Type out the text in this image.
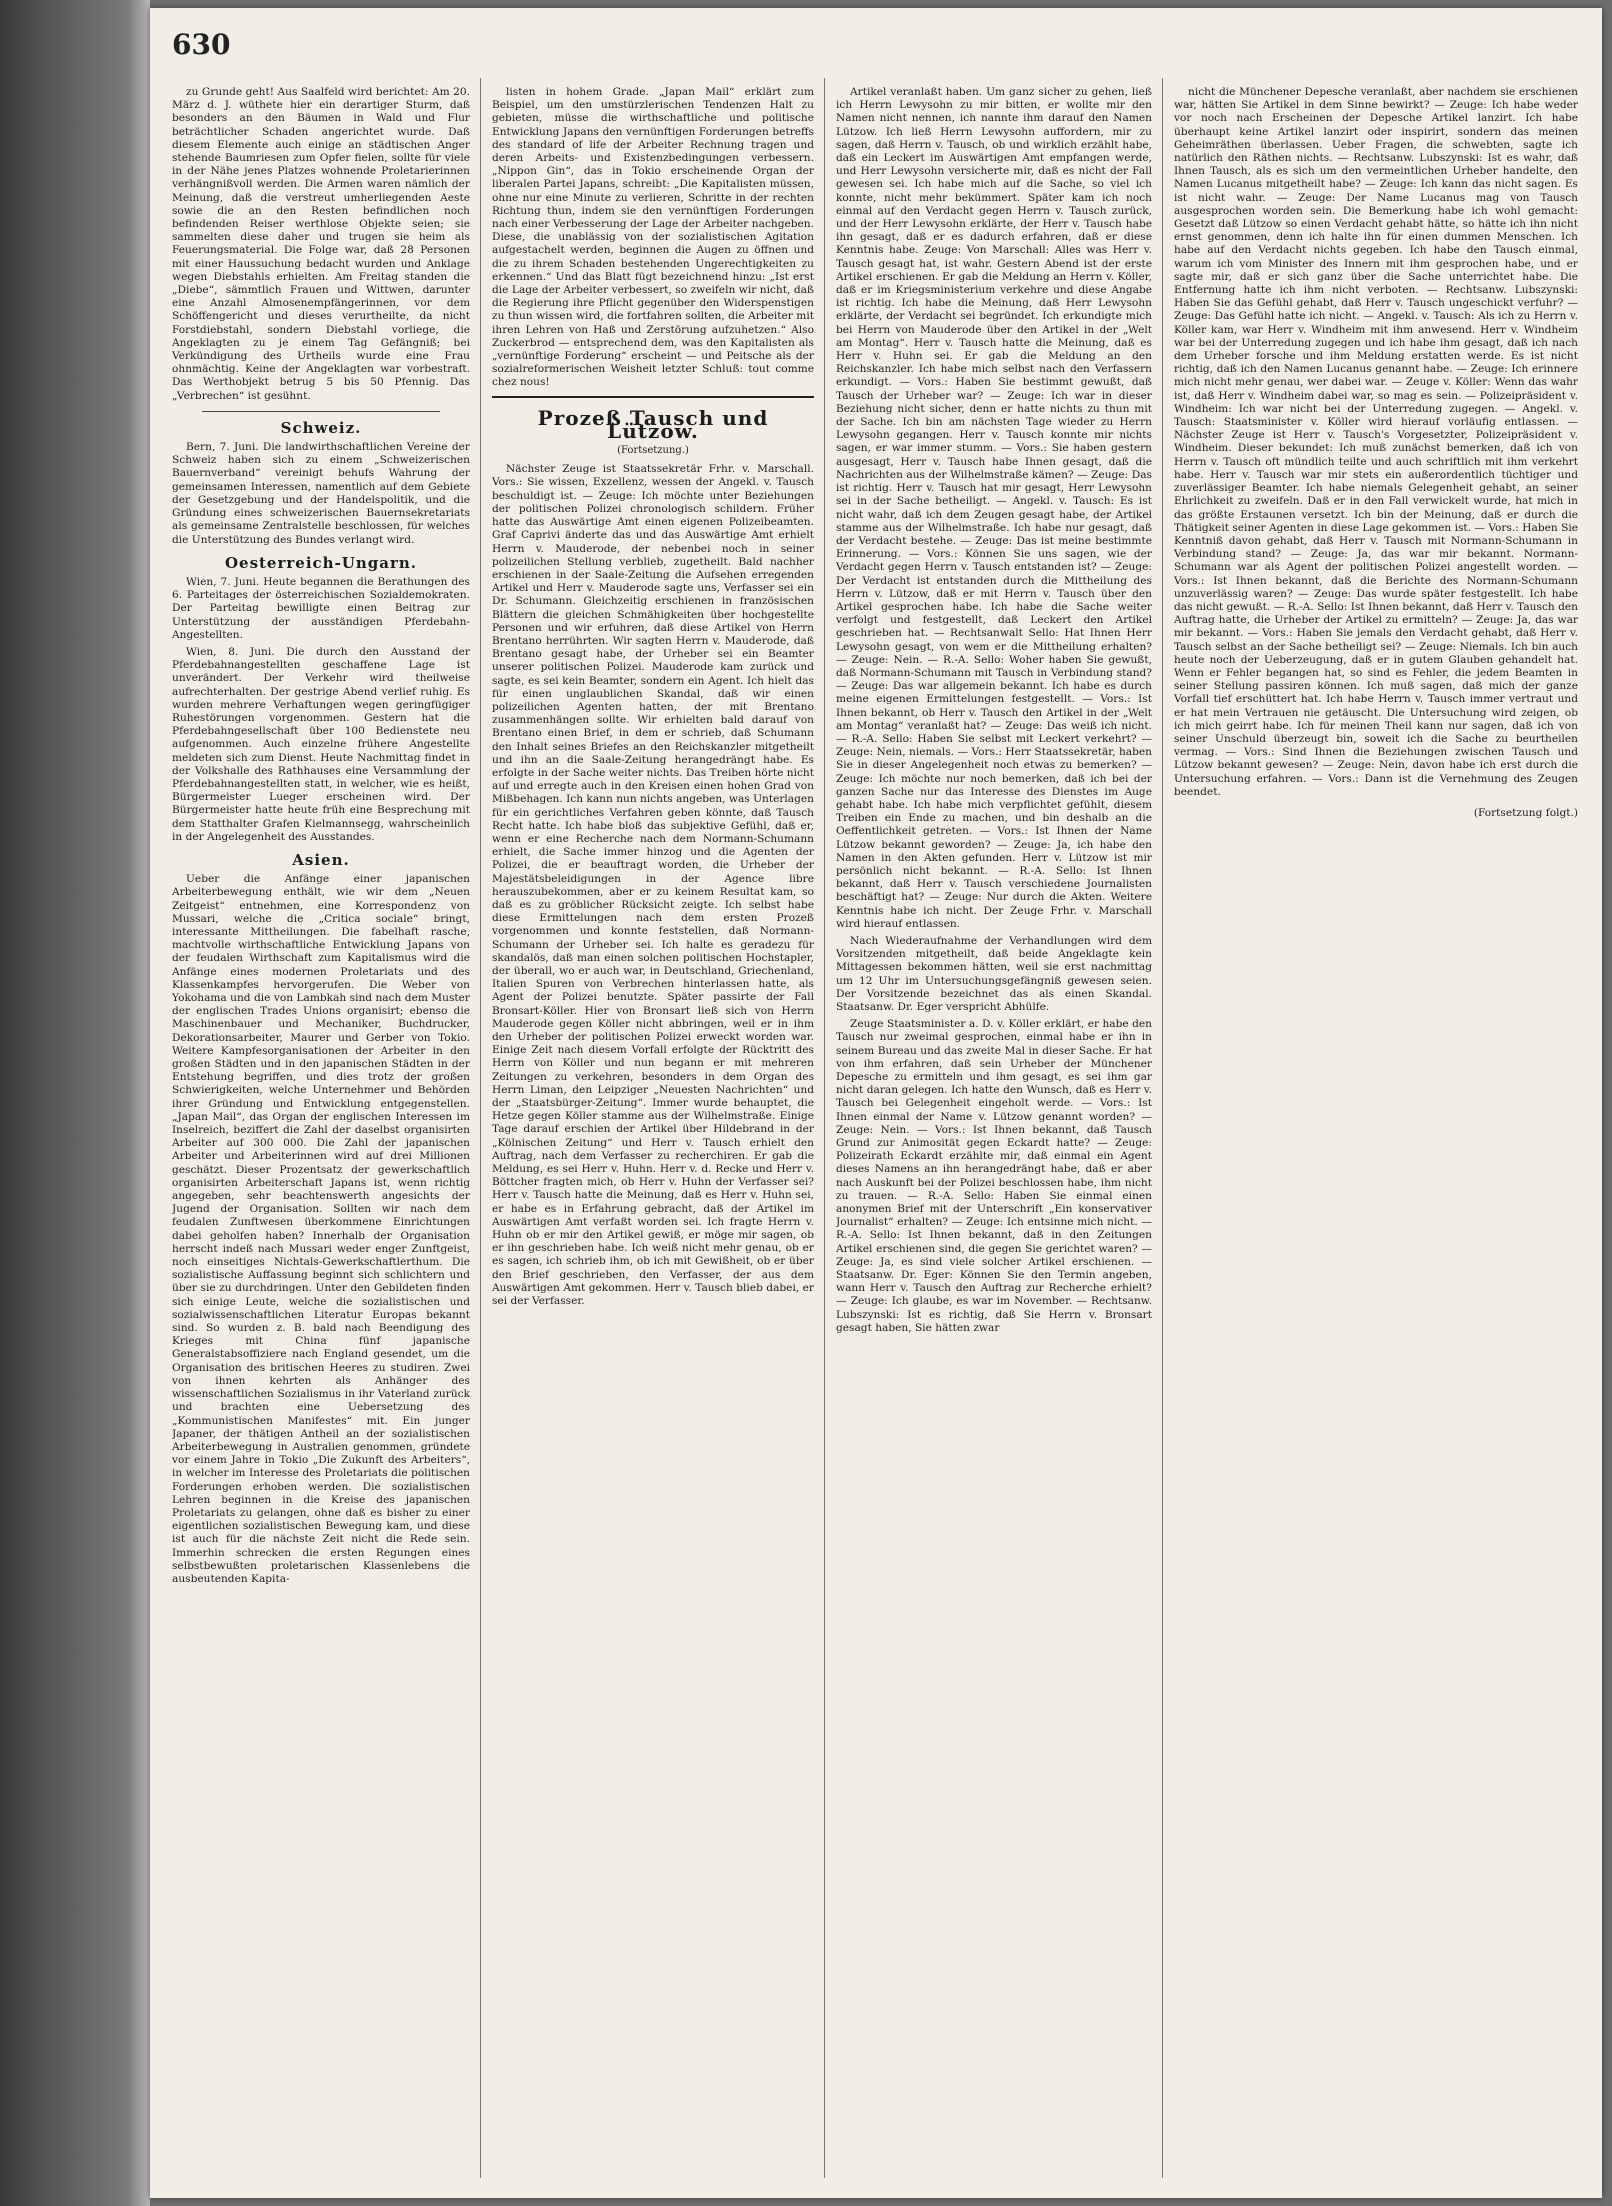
630

zu Grunde geht! Aus Saalfeld wird berichtet: Am 20. März d. J. wüthete hier ein derartiger Sturm, daß besonders an den Bäumen in Wald und Flur beträchtlicher Schaden angerichtet wurde. Daß diesem Elemente auch einige an städtischen Anger stehende Baumriesen zum Opfer fielen, sollte für viele in der Nähe jenes Platzes wohnende Proletarierinnen verhängnißvoll werden. Die Armen waren nämlich der Meinung, daß die verstreut umherliegenden Aeste sowie die an den Resten befindlichen noch befindenden Reiser werthlose Objekte seien; sie sammelten diese daher und trugen sie heim als Feuerungsmaterial. Die Folge war, daß 28 Personen mit einer Haussuchung bedacht wurden und Anklage wegen Diebstahls erhielten. Am Freitag standen die „Diebe“, sämmtlich Frauen und Wittwen, darunter eine Anzahl Almosenempfängerinnen, vor dem Schöffengericht und dieses verurtheilte, da nicht Forstdiebstahl, sondern Diebstahl vorliege, die Angeklagten zu je einem Tag Gefängniß; bei Verkündigung des Urtheils wurde eine Frau ohnmächtig. Keine der Angeklagten war vorbestraft. Das Werthobjekt betrug 5 bis 50 Pfennig. Das „Verbrechen“ ist gesühnt.

Schweiz.

Bern, 7. Juni. Die landwirthschaftlichen Vereine der Schweiz haben sich zu einem „Schweizerischen Bauernverband“ vereinigt behufs Wahrung der gemeinsamen Interessen, namentlich auf dem Gebiete der Gesetzgebung und der Handelspolitik, und die Gründung eines schweizerischen Bauernsekretariats als gemeinsame Zentralstelle beschlossen, für welches die Unterstützung des Bundes verlangt wird.

Oesterreich-Ungarn.

Wien, 7. Juni. Heute begannen die Berathungen des 6. Parteitages der österreichischen Sozialdemokraten. Der Parteitag bewilligte einen Beitrag zur Unterstützung der ausständigen Pferdebahn-Angestellten.

Wien, 8. Juni. Die durch den Ausstand der Pferdebahnangestellten geschaffene Lage ist unverändert. Der Verkehr wird theilweise aufrechterhalten. Der gestrige Abend verlief ruhig. Es wurden mehrere Verhaftungen wegen geringfügiger Ruhestörungen vorgenommen. Gestern hat die Pferdebahngesellschaft über 100 Bedienstete neu aufgenommen. Auch einzelne frühere Angestellte meldeten sich zum Dienst. Heute Nachmittag findet in der Volkshalle des Rathhauses eine Versammlung der Pferdebahnangestellten statt, in welcher, wie es heißt, Bürgermeister Lueger erscheinen wird. Der Bürgermeister hatte heute früh eine Besprechung mit dem Statthalter Grafen Kielmannsegg, wahrscheinlich in der Angelegenheit des Ausstandes.

Asien.

Ueber die Anfänge einer japanischen Arbeiterbewegung enthält, wie wir dem „Neuen Zeitgeist“ entnehmen, eine Korrespondenz von Mussari, welche die „Critica sociale“ bringt, interessante Mittheilungen. Die fabelhaft rasche, machtvolle wirthschaftliche Entwicklung Japans von der feudalen Wirthschaft zum Kapitalismus wird die Anfänge eines modernen Proletariats und des Klassenkampfes hervorgerufen. Die Weber von Yokohama und die von Lambkah sind nach dem Muster der englischen Trades Unions organisirt; ebenso die Maschinenbauer und Mechaniker, Buchdrucker, Dekorationsarbeiter, Maurer und Gerber von Tokio. Weitere Kampfesorganisationen der Arbeiter in den großen Städten und in den japanischen Städten in der Entstehung begriffen, und dies trotz der großen Schwierigkeiten, welche Unternehmer und Behörden ihrer Gründung und Entwicklung entgegenstellen. „Japan Mail“, das Organ der englischen Interessen im Inselreich, beziffert die Zahl der daselbst organisirten Arbeiter auf 300 000. Die Zahl der japanischen Arbeiter und Arbeiterinnen wird auf drei Millionen geschätzt. Dieser Prozentsatz der gewerkschaftlich organisirten Arbeiterschaft Japans ist, wenn richtig angegeben, sehr beachtenswerth angesichts der Jugend der Organisation. Sollten wir nach dem feudalen Zunftwesen überkommene Einrichtungen dabei geholfen haben? Innerhalb der Organisation herrscht indeß nach Mussari weder enger Zunftgeist, noch einseitiges Nichtals-Gewerkschaftlerthum. Die sozialistische Auffassung beginnt sich schlichtern und über sie zu durchdringen. Unter den Gebildeten finden sich einige Leute, welche die sozialistischen und sozialwissenschaftlichen Literatur Europas bekannt sind. So wurden z. B. bald nach Beendigung des Krieges mit China fünf japanische Generalstabsoffiziere nach England gesendet, um die Organisation des britischen Heeres zu studiren. Zwei von ihnen kehrten als Anhänger des wissenschaftlichen Sozialismus in ihr Vaterland zurück und brachten eine Uebersetzung des „Kommunistischen Manifestes“ mit. Ein junger Japaner, der thätigen Antheil an der sozialistischen Arbeiterbewegung in Australien genommen, gründete vor einem Jahre in Tokio „Die Zukunft des Arbeiters“, in welcher im Interesse des Proletariats die politischen Forderungen erhoben werden. Die sozialistischen Lehren beginnen in die Kreise des japanischen Proletariats zu gelangen, ohne daß es bisher zu einer eigentlichen sozialistischen Bewegung kam, und diese ist auch für die nächste Zeit nicht die Rede sein. Immerhin schrecken die ersten Regungen eines selbstbewußten proletarischen Klassenlebens die ausbeutenden Kapita-

listen in hohem Grade. „Japan Mail“ erklärt zum Beispiel, um den umstürzlerischen Tendenzen Halt zu gebieten, müsse die wirthschaftliche und politische Entwicklung Japans den vernünftigen Forderungen betreffs des standard of life der Arbeiter Rechnung tragen und deren Arbeits- und Existenzbedingungen verbessern. „Nippon Gin“, das in Tokio erscheinende Organ der liberalen Partei Japans, schreibt: „Die Kapitalisten müssen, ohne nur eine Minute zu verlieren, Schritte in der rechten Richtung thun, indem sie den vernünftigen Forderungen nach einer Verbesserung der Lage der Arbeiter nachgeben. Diese, die unablässig von der sozialistischen Agitation aufgestachelt werden, beginnen die Augen zu öffnen und die zu ihrem Schaden bestehenden Ungerechtigkeiten zu erkennen.“ Und das Blatt fügt bezeichnend hinzu: „Ist erst die Lage der Arbeiter verbessert, so zweifeln wir nicht, daß die Regierung ihre Pflicht gegenüber den Widerspenstigen zu thun wissen wird, die fortfahren sollten, die Arbeiter mit ihren Lehren von Haß und Zerstörung aufzuhetzen.“ Also Zuckerbrod — entsprechend dem, was den Kapitalisten als „vernünftige Forderung“ erscheint — und Peitsche als der sozialreformerischen Weisheit letzter Schluß: tout comme chez nous!

Prozeß Tausch und Lützow.
(Fortsetzung.)

Nächster Zeuge ist Staatssekretär Frhr. v. Marschall. Vors.: Sie wissen, Exzellenz, wessen der Angekl. v. Tausch beschuldigt ist. — Zeuge: Ich möchte unter Beziehungen der politischen Polizei chronologisch schildern. Früher hatte das Auswärtige Amt einen eigenen Polizeibeamten. Graf Caprivi änderte das und das Auswärtige Amt erhielt Herrn v. Mauderode, der nebenbei noch in seiner polizeilichen Stellung verblieb, zugetheilt. Bald nachher erschienen in der Saale-Zeitung die Aufsehen erregenden Artikel und Herr v. Mauderode sagte uns, Verfasser sei ein Dr. Schumann. Gleichzeitig erschienen in französischen Blättern die gleichen Schmähigkeiten über hochgestellte Personen und wir erfuhren, daß diese Artikel von Herrn Brentano herrührten. Wir sagten Herrn v. Mauderode, daß Brentano gesagt habe, der Urheber sei ein Beamter unserer politischen Polizei. Mauderode kam zurück und sagte, es sei kein Beamter, sondern ein Agent. Ich hielt das für einen unglaublichen Skandal, daß wir einen polizeilichen Agenten hatten, der mit Brentano zusammenhängen sollte. Wir erhielten bald darauf von Brentano einen Brief, in dem er schrieb, daß Schumann den Inhalt seines Briefes an den Reichskanzler mitgetheilt und ihn an die Saale-Zeitung herangedrängt habe. Es erfolgte in der Sache weiter nichts. Das Treiben hörte nicht auf und erregte auch in den Kreisen einen hohen Grad von Mißbehagen. Ich kann nun nichts angeben, was Unterlagen für ein gerichtliches Verfahren geben könnte, daß Tausch Recht hatte. Ich habe bloß das subjektive Gefühl, daß er, wenn er eine Recherche nach dem Normann-Schumann erhielt, die Sache immer hinzog und die Agenten der Polizei, die er beauftragt worden, die Urheber der Majestätsbeleidigungen in der Agence libre herauszubekommen, aber er zu keinem Resultat kam, so daß es zu gröblicher Rücksicht zeigte. Ich selbst habe diese Ermittelungen nach dem ersten Prozeß vorgenommen und konnte feststellen, daß Normann-Schumann der Urheber sei. Ich halte es geradezu für skandalös, daß man einen solchen politischen Hochstapler, der überall, wo er auch war, in Deutschland, Griechenland, Italien Spuren von Verbrechen hinterlassen hatte, als Agent der Polizei benutzte. Später passirte der Fall Bronsart-Köller. Hier von Bronsart ließ sich von Herrn Mauderode gegen Köller nicht abbringen, weil er in ihm den Urheber der politischen Polizei erweckt worden war. Einige Zeit nach diesem Vorfall erfolgte der Rücktritt des Herrn von Köller und nun begann er mit mehreren Zeitungen zu verkehren, besonders in dem Organ des Herrn Liman, den Leipziger „Neuesten Nachrichten“ und der „Staatsbürger-Zeitung“. Immer wurde behauptet, die Hetze gegen Köller stamme aus der Wilhelmstraße. Einige Tage darauf erschien der Artikel über Hildebrand in der „Kölnischen Zeitung“ und Herr v. Tausch erhielt den Auftrag, nach dem Verfasser zu recherchiren. Er gab die Meldung, es sei Herr v. Huhn. Herr v. d. Recke und Herr v. Böttcher fragten mich, ob Herr v. Huhn der Verfasser sei? Herr v. Tausch hatte die Meinung, daß es Herr v. Huhn sei, er habe es in Erfahrung gebracht, daß der Artikel im Auswärtigen Amt verfaßt worden sei. Ich fragte Herrn v. Huhn ob er mir den Artikel gewiß, er möge mir sagen, ob er ihn geschrieben habe. Ich weiß nicht mehr genau, ob er es sagen, ich schrieb ihm, ob ich mit Gewißheit, ob er über den Brief geschrieben, den Verfasser, der aus dem Auswärtigen Amt gekommen. Herr v. Tausch blieb dabei, er sei der Verfasser.

Artikel veranlaßt haben. Um ganz sicher zu gehen, ließ ich Herrn Lewysohn zu mir bitten, er wollte mir den Namen nicht nennen, ich nannte ihm darauf den Namen Lützow. Ich ließ Herrn Lewysohn auffordern, mir zu sagen, daß Herrn v. Tausch, ob und wirklich erzählt habe, daß ein Leckert im Auswärtigen Amt empfangen werde, und Herr Lewysohn versicherte mir, daß es nicht der Fall gewesen sei. Ich habe mich auf die Sache, so viel ich konnte, nicht mehr bekümmert. Später kam ich noch einmal auf den Verdacht gegen Herrn v. Tausch zurück, und der Herr Lewysohn erklärte, der Herr v. Tausch habe ihn gesagt, daß er es dadurch erfahren, daß er diese Kenntnis habe. Zeuge: Von Marschall: Alles was Herr v. Tausch gesagt hat, ist wahr. Gestern Abend ist der erste Artikel erschienen. Er gab die Meldung an Herrn v. Köller, daß er im Kriegsministerium verkehre und diese Angabe ist richtig. Ich habe die Meinung, daß Herr Lewysohn erklärte, der Verdacht sei begründet. Ich erkundigte mich bei Herrn von Mauderode über den Artikel in der „Welt am Montag“. Herr v. Tausch hatte die Meinung, daß es Herr v. Huhn sei. Er gab die Meldung an den Reichskanzler. Ich habe mich selbst nach den Verfassern erkundigt. — Vors.: Haben Sie bestimmt gewußt, daß Tausch der Urheber war? — Zeuge: Ich war in dieser Beziehung nicht sicher, denn er hatte nichts zu thun mit der Sache. Ich bin am nächsten Tage wieder zu Herrn Lewysohn gegangen. Herr v. Tausch konnte mir nichts sagen, er war immer stumm. — Vors.: Sie haben gestern ausgesagt, Herr v. Tausch habe Ihnen gesagt, daß die Nachrichten aus der Wilhelmstraße kämen? — Zeuge: Das ist richtig. Herr v. Tausch hat mir gesagt, Herr Lewysohn sei in der Sache betheiligt. — Angekl. v. Tausch: Es ist nicht wahr, daß ich dem Zeugen gesagt habe, der Artikel stamme aus der Wilhelmstraße. Ich habe nur gesagt, daß der Verdacht bestehe. — Zeuge: Das ist meine bestimmte Erinnerung. — Vors.: Können Sie uns sagen, wie der Verdacht gegen Herrn v. Tausch entstanden ist? — Zeuge: Der Verdacht ist entstanden durch die Mittheilung des Herrn v. Lützow, daß er mit Herrn v. Tausch über den Artikel gesprochen habe. Ich habe die Sache weiter verfolgt und festgestellt, daß Leckert den Artikel geschrieben hat. — Rechtsanwalt Sello: Hat Ihnen Herr Lewysohn gesagt, von wem er die Mittheilung erhalten? — Zeuge: Nein. — R.-A. Sello: Woher haben Sie gewußt, daß Normann-Schumann mit Tausch in Verbindung stand? — Zeuge: Das war allgemein bekannt. Ich habe es durch meine eigenen Ermittelungen festgestellt. — Vors.: Ist Ihnen bekannt, ob Herr v. Tausch den Artikel in der „Welt am Montag“ veranlaßt hat? — Zeuge: Das weiß ich nicht. — R.-A. Sello: Haben Sie selbst mit Leckert verkehrt? — Zeuge: Nein, niemals. — Vors.: Herr Staatssekretär, haben Sie in dieser Angelegenheit noch etwas zu bemerken? — Zeuge: Ich möchte nur noch bemerken, daß ich bei der ganzen Sache nur das Interesse des Dienstes im Auge gehabt habe. Ich habe mich verpflichtet gefühlt, diesem Treiben ein Ende zu machen, und bin deshalb an die Oeffentlichkeit getreten. — Vors.: Ist Ihnen der Name Lützow bekannt geworden? — Zeuge: Ja, ich habe den Namen in den Akten gefunden. Herr v. Lützow ist mir persönlich nicht bekannt. — R.-A. Sello: Ist Ihnen bekannt, daß Herr v. Tausch verschiedene Journalisten beschäftigt hat? — Zeuge: Nur durch die Akten. Weitere Kenntnis habe ich nicht. Der Zeuge Frhr. v. Marschall wird hierauf entlassen.

Nach Wiederaufnahme der Verhandlungen wird dem Vorsitzenden mitgetheilt, daß beide Angeklagte kein Mittagessen bekommen hätten, weil sie erst nachmittag um 12 Uhr im Untersuchungsgefängniß gewesen seien. Der Vorsitzende bezeichnet das als einen Skandal. Staatsanw. Dr. Eger verspricht Abhülfe.

Zeuge Staatsminister a. D. v. Köller erklärt, er habe den Tausch nur zweimal gesprochen, einmal habe er ihn in seinem Bureau und das zweite Mal in dieser Sache. Er hat von ihm erfahren, daß sein Urheber der Münchener Depesche zu ermitteln und ihm gesagt, es sei ihm gar nicht daran gelegen. Ich hatte den Wunsch, daß es Herr v. Tausch bei Gelegenheit eingeholt werde. — Vors.: Ist Ihnen einmal der Name v. Lützow genannt worden? — Zeuge: Nein. — Vors.: Ist Ihnen bekannt, daß Tausch Grund zur Animosität gegen Eckardt hatte? — Zeuge: Polizeirath Eckardt erzählte mir, daß einmal ein Agent dieses Namens an ihn herangedrängt habe, daß er aber nach Auskunft bei der Polizei beschlossen habe, ihm nicht zu trauen. — R.-A. Sello: Haben Sie einmal einen anonymen Brief mit der Unterschrift „Ein konservativer Journalist“ erhalten? — Zeuge: Ich entsinne mich nicht. — R.-A. Sello: Ist Ihnen bekannt, daß in den Zeitungen Artikel erschienen sind, die gegen Sie gerichtet waren? — Zeuge: Ja, es sind viele solcher Artikel erschienen. — Staatsanw. Dr. Eger: Können Sie den Termin angeben, wann Herr v. Tausch den Auftrag zur Recherche erhielt? — Zeuge: Ich glaube, es war im November. — Rechtsanw. Lubszynski: Ist es richtig, daß Sie Herrn v. Bronsart gesagt haben, Sie hätten zwar

nicht die Münchener Depesche veranlaßt, aber nachdem sie erschienen war, hätten Sie Artikel in dem Sinne bewirkt? — Zeuge: Ich habe weder vor noch nach Erscheinen der Depesche Artikel lanzirt. Ich habe überhaupt keine Artikel lanzirt oder inspirirt, sondern das meinen Geheimräthen überlassen. Ueber Fragen, die schwebten, sagte ich natürlich den Räthen nichts. — Rechtsanw. Lubszynski: Ist es wahr, daß Ihnen Tausch, als es sich um den vermeintlichen Urheber handelte, den Namen Lucanus mitgetheilt habe? — Zeuge: Ich kann das nicht sagen. Es ist nicht wahr. — Zeuge: Der Name Lucanus mag von Tausch ausgesprochen worden sein. Die Bemerkung habe ich wohl gemacht: Gesetzt daß Lützow so einen Verdacht gehabt hätte, so hätte ich ihn nicht ernst genommen, denn ich halte ihn für einen dummen Menschen. Ich habe auf den Verdacht nichts gegeben. Ich habe den Tausch einmal, warum ich vom Minister des Innern mit ihm gesprochen habe, und er sagte mir, daß er sich ganz über die Sache unterrichtet habe. Die Entfernung hatte ich ihm nicht verboten. — Rechtsanw. Lubszynski: Haben Sie das Gefühl gehabt, daß Herr v. Tausch ungeschickt verfuhr? — Zeuge: Das Gefühl hatte ich nicht. — Angekl. v. Tausch: Als ich zu Herrn v. Köller kam, war Herr v. Windheim mit ihm anwesend. Herr v. Windheim war bei der Unterredung zugegen und ich habe ihm gesagt, daß ich nach dem Urheber forsche und ihm Meldung erstatten werde. Es ist nicht richtig, daß ich den Namen Lucanus genannt habe. — Zeuge: Ich erinnere mich nicht mehr genau, wer dabei war. — Zeuge v. Köller: Wenn das wahr ist, daß Herr v. Windheim dabei war, so mag es sein. — Polizeipräsident v. Windheim: Ich war nicht bei der Unterredung zugegen. — Angekl. v. Tausch: Staatsminister v. Köller wird hierauf vorläufig entlassen. — Nächster Zeuge ist Herr v. Tausch's Vorgesetzter, Polizeipräsident v. Windheim. Dieser bekundet: Ich muß zunächst bemerken, daß ich von Herrn v. Tausch oft mündlich teilte und auch schriftlich mit ihm verkehrt habe. Herr v. Tausch war mir stets ein außerordentlich tüchtiger und zuverlässiger Beamter. Ich habe niemals Gelegenheit gehabt, an seiner Ehrlichkeit zu zweifeln. Daß er in den Fall verwickelt wurde, hat mich in das größte Erstaunen versetzt. Ich bin der Meinung, daß er durch die Thätigkeit seiner Agenten in diese Lage gekommen ist. — Vors.: Haben Sie Kenntniß davon gehabt, daß Herr v. Tausch mit Normann-Schumann in Verbindung stand? — Zeuge: Ja, das war mir bekannt. Normann-Schumann war als Agent der politischen Polizei angestellt worden. — Vors.: Ist Ihnen bekannt, daß die Berichte des Normann-Schumann unzuverlässig waren? — Zeuge: Das wurde später festgestellt. Ich habe das nicht gewußt. — R.-A. Sello: Ist Ihnen bekannt, daß Herr v. Tausch den Auftrag hatte, die Urheber der Artikel zu ermitteln? — Zeuge: Ja, das war mir bekannt. — Vors.: Haben Sie jemals den Verdacht gehabt, daß Herr v. Tausch selbst an der Sache betheiligt sei? — Zeuge: Niemals. Ich bin auch heute noch der Ueberzeugung, daß er in gutem Glauben gehandelt hat. Wenn er Fehler begangen hat, so sind es Fehler, die jedem Beamten in seiner Stellung passiren können. Ich muß sagen, daß mich der ganze Vorfall tief erschüttert hat. Ich habe Herrn v. Tausch immer vertraut und er hat mein Vertrauen nie getäuscht. Die Untersuchung wird zeigen, ob ich mich geirrt habe. Ich für meinen Theil kann nur sagen, daß ich von seiner Unschuld überzeugt bin, soweit ich die Sache zu beurtheilen vermag. — Vors.: Sind Ihnen die Beziehungen zwischen Tausch und Lützow bekannt gewesen? — Zeuge: Nein, davon habe ich erst durch die Untersuchung erfahren. — Vors.: Dann ist die Vernehmung des Zeugen beendet.

(Fortsetzung folgt.)
